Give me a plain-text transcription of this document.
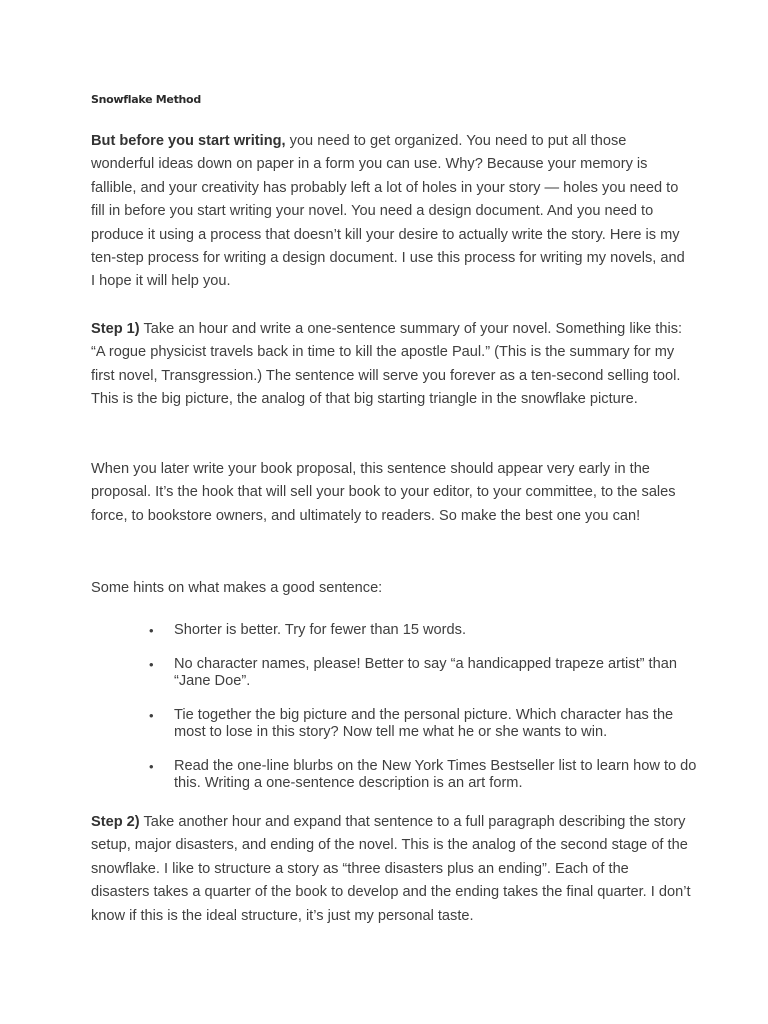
Snowflake Method

But before you start writing, you need to get organized. You need to put all those wonderful ideas down on paper in a form you can use. Why? Because your memory is fallible, and your creativity has probably left a lot of holes in your story — holes you need to fill in before you start writing your novel. You need a design document. And you need to produce it using a process that doesn’t kill your desire to actually write the story. Here is my ten-step process for writing a design document. I use this process for writing my novels, and I hope it will help you.

Step 1) Take an hour and write a one-sentence summary of your novel. Something like this: “A rogue physicist travels back in time to kill the apostle Paul.” (This is the summary for my first novel, Transgression.) The sentence will serve you forever as a ten-second selling tool. This is the big picture, the analog of that big starting triangle in the snowflake picture.

When you later write your book proposal, this sentence should appear very early in the proposal. It’s the hook that will sell your book to your editor, to your committee, to the sales force, to bookstore owners, and ultimately to readers. So make the best one you can!

Some hints on what makes a good sentence:

• Shorter is better. Try for fewer than 15 words.
• No character names, please! Better to say “a handicapped trapeze artist” than “Jane Doe”.
• Tie together the big picture and the personal picture. Which character has the most to lose in this story? Now tell me what he or she wants to win.
• Read the one-line blurbs on the New York Times Bestseller list to learn how to do this. Writing a one-sentence description is an art form.

Step 2) Take another hour and expand that sentence to a full paragraph describing the story setup, major disasters, and ending of the novel. This is the analog of the second stage of the snowflake. I like to structure a story as “three disasters plus an ending”. Each of the disasters takes a quarter of the book to develop and the ending takes the final quarter. I don’t know if this is the ideal structure, it’s just my personal taste.
